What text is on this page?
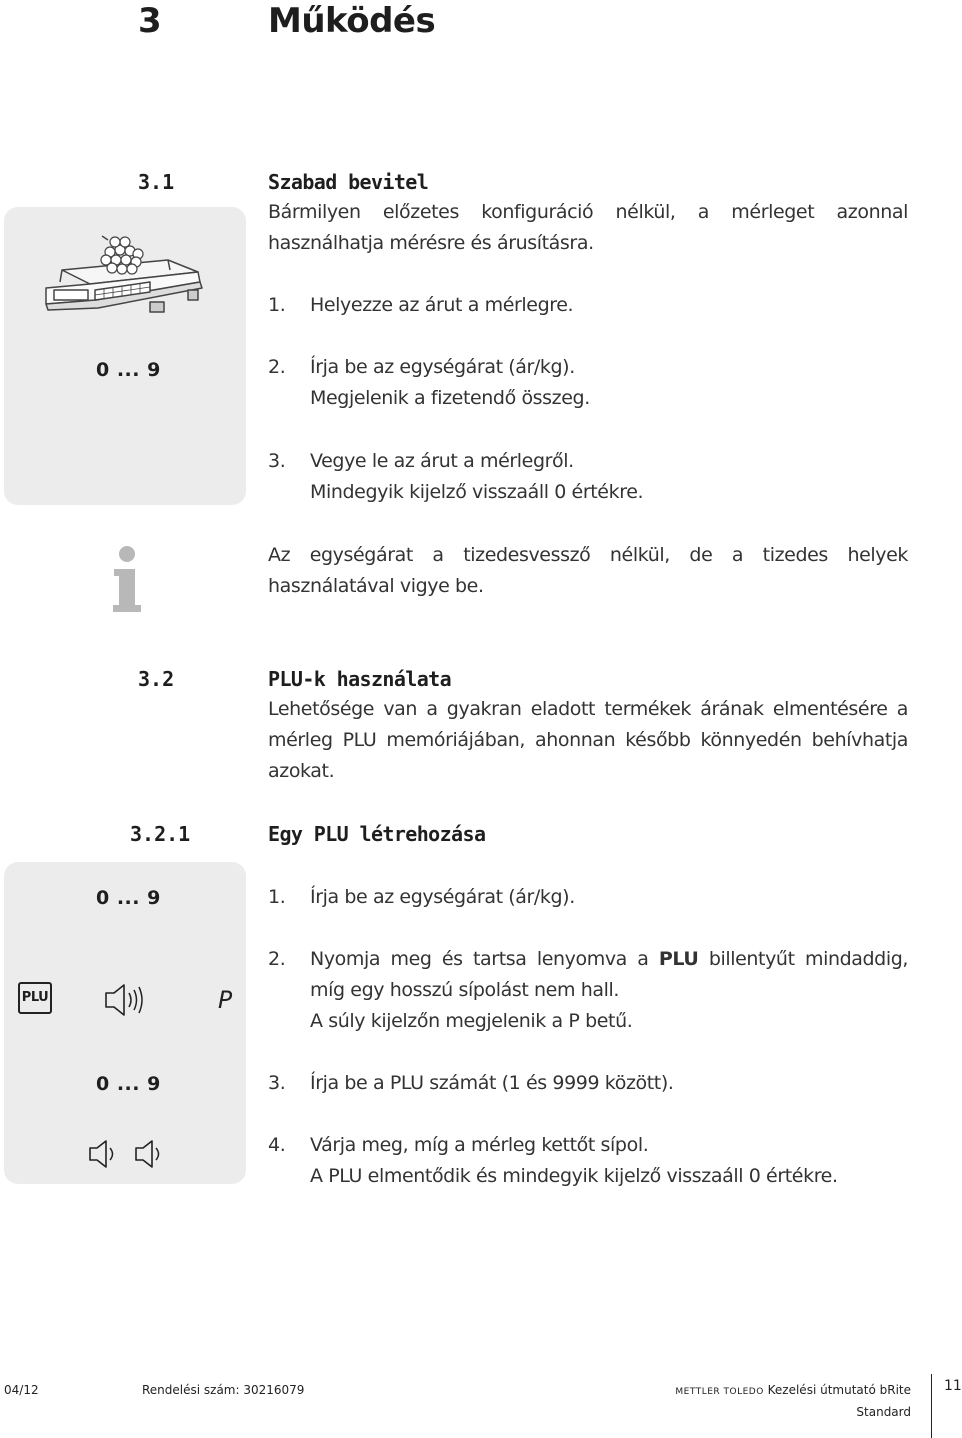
3	Működés
3.1	Szabad bevitel
Bármilyen előzetes konfiguráció nélkül, a mérleget azonnal használhatja mérésre és árusításra.
0 ... 9
1.	Helyezze az árut a mérlegre.
2.	Írja be az egységárat (ár/kg).
Megjelenik a fizetendő összeg.
3.	Vegye le az árut a mérlegről.
Mindegyik kijelző visszaáll 0 értékre.
Az egységárat a tizedesvessző nélkül, de a tizedes helyek használatával vigye be.
3.2	PLU-k használata
Lehetősége van a gyakran eladott termékek árának elmentésére a mérleg PLU memóriájában, ahonnan később könnyedén behívhatja azokat.
3.2.1	Egy PLU létrehozása
0 ... 9
PLU	P
0 ... 9
1.	Írja be az egységárat (ár/kg).
2.	Nyomja meg és tartsa lenyomva a PLU billentyűt mindaddig, míg egy hosszú sípolást nem hall.
A súly kijelzőn megjelenik a P betű.
3.	Írja be a PLU számát (1 és 9999 között).
4.	Várja meg, míg a mérleg kettőt sípol.
A PLU elmentődik és mindegyik kijelző visszaáll 0 értékre.
04/12	Rendelési szám: 30216079	METTLER TOLEDO Kezelési útmutató bRite Standard
11
